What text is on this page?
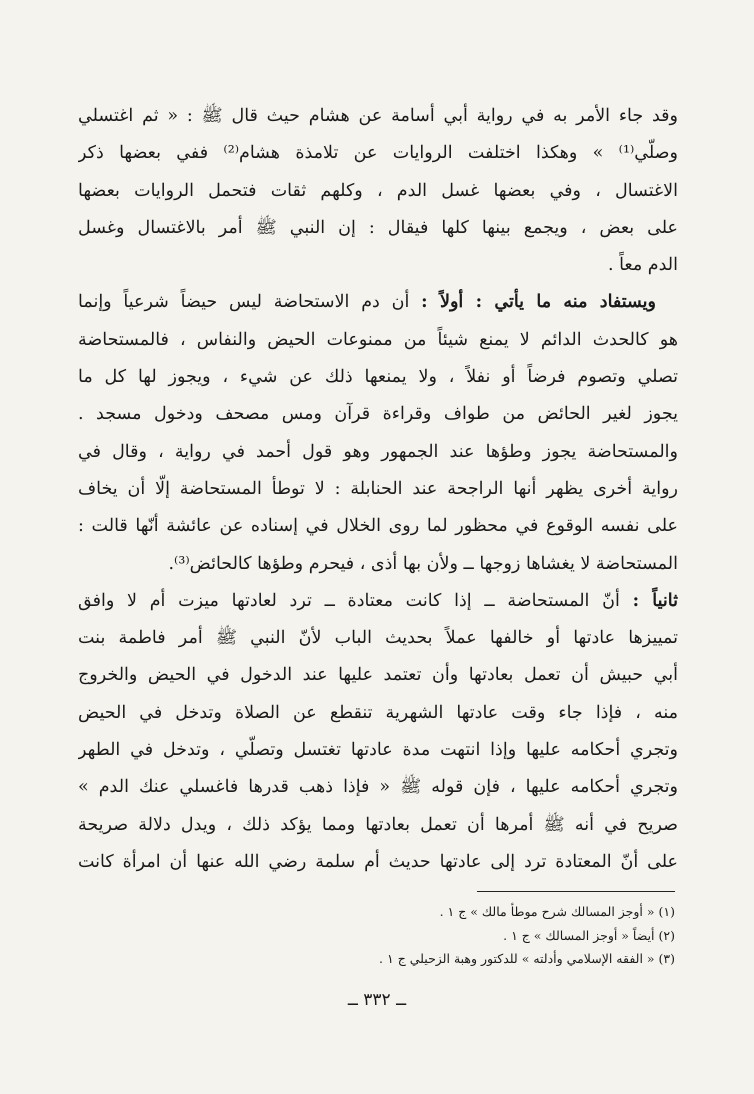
وقد جاء الأمر به في رواية أبي أسامة عن هشام حيث قال ﷺ : « ثم اغتسلي
وصلّي⁽¹⁾ » وهكذا اختلفت الروايات عن تلامذة هشام⁽²⁾ ففي بعضها ذكر
الاغتسال ، وفي بعضها غسل الدم ، وكلهم ثقات فتحمل الروايات بعضها
على بعض ، ويجمع بينها كلها فيقال : إن النبي ﷺ أمر بالاغتسال وغسل
الدم معاً .
ويستفاد منه ما يأتي : أولاً : أن دم الاستحاضة ليس حيضاً شرعياً وإنما
هو كالحدث الدائم لا يمنع شيئاً من ممنوعات الحيض والنفاس ، فالمستحاضة
تصلي وتصوم فرضاً أو نفلاً ، ولا يمنعها ذلك عن شيء ، ويجوز لها كل ما
يجوز لغير الحائض من طواف وقراءة قرآن ومس مصحف ودخول مسجد .
والمستحاضة يجوز وطؤها عند الجمهور وهو قول أحمد في رواية ، وقال في
رواية أخرى يظهر أنها الراجحة عند الحنابلة : لا توطأ المستحاضة إلّا أن يخاف
على نفسه الوقوع في محظور لما روى الخلال في إسناده عن عائشة أنّها قالت :
المستحاضة لا يغشاها زوجها ــ ولأن بها أذى ، فيحرم وطؤها كالحائض⁽³⁾.
ثانياً : أنّ المستحاضة ــ إذا كانت معتادة ــ ترد لعادتها ميزت أم لا وافق
تمييزها عادتها أو خالفها عملاً بحديث الباب لأنّ النبي ﷺ أمر فاطمة بنت
أبي حبيش أن تعمل بعادتها وأن تعتمد عليها عند الدخول في الحيض والخروج
منه ، فإذا جاء وقت عادتها الشهرية تنقطع عن الصلاة وتدخل في الحيض
وتجري أحكامه عليها وإذا انتهت مدة عادتها تغتسل وتصلّي ، وتدخل في الطهر
وتجري أحكامه عليها ، فإن قوله ﷺ « فإذا ذهب قدرها فاغسلي عنك الدم »
صريح في أنه ﷺ أمرها أن تعمل بعادتها ومما يؤكد ذلك ، ويدل دلالة صريحة
على أنّ المعتادة ترد إلى عادتها حديث أم سلمة رضي الله عنها أن امرأة كانت
(١) « أوجز المسالك شرح موطأ مالك » ج ١ .
(٢) أيضاً « أوجز المسالك » ج ١ .
(٣) « الفقه الإسلامي وأدلته » للدكتور وهبة الزحيلي ج ١ .
ــ ٣٣٢ ــ
